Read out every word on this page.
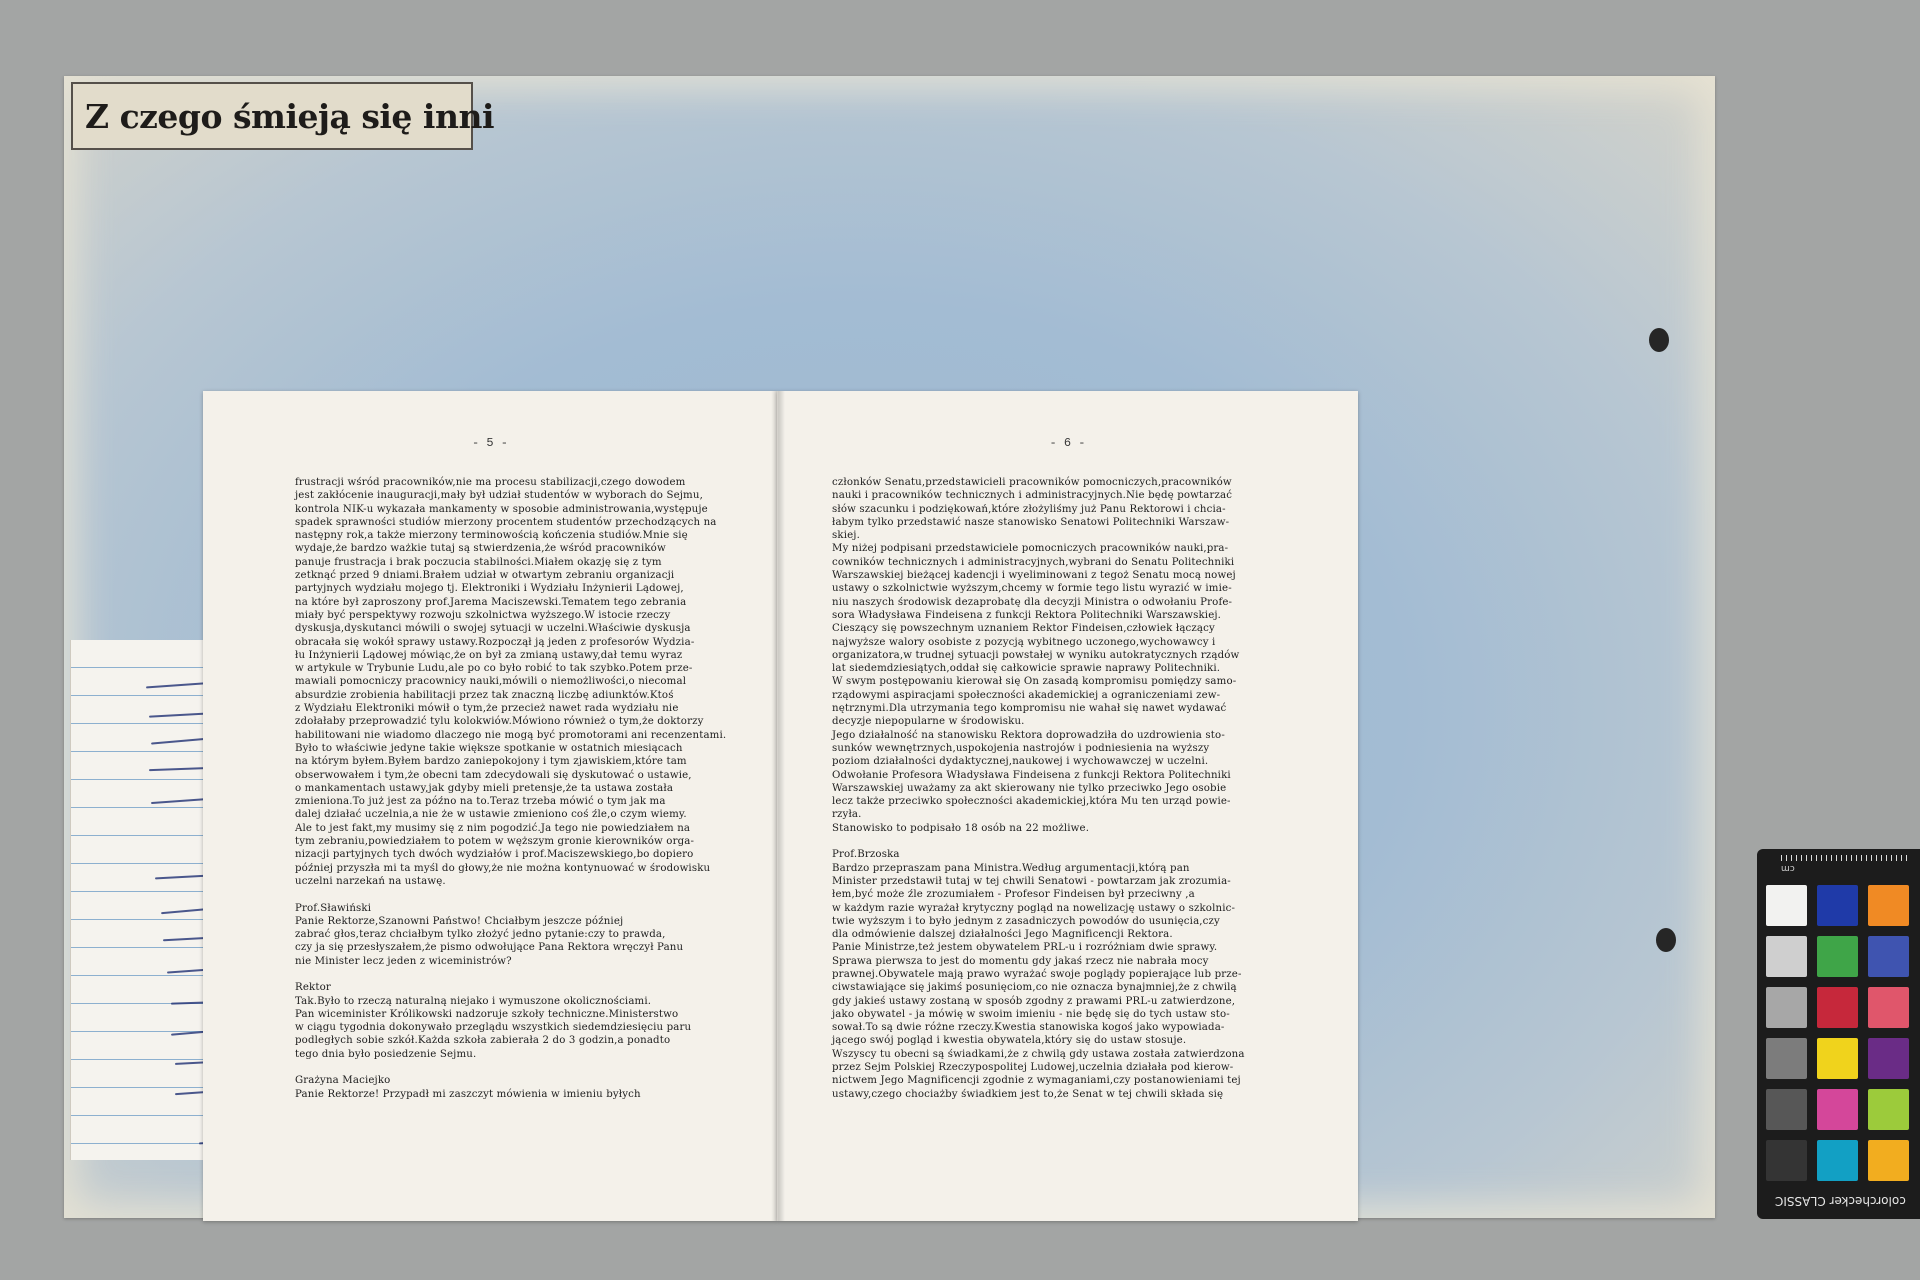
Z czego śmieją się inni
- 5 -
frustracji wśród pracowników,nie ma procesu stabilizacji,czego dowodem
jest zakłócenie inauguracji,mały był udział studentów w wyborach do Sejmu,
kontrola NIK-u wykazała mankamenty w sposobie administrowania,występuje
spadek sprawności studiów mierzony procentem studentów przechodzących na
następny rok,a także mierzony terminowością kończenia studiów.Mnie się
wydaje,że bardzo ważkie tutaj są stwierdzenia,że wśród pracowników
panuje frustracja i brak poczucia stabilności.Miałem okazję się z tym
zetknąć przed 9 dniami.Brałem udział w otwartym zebraniu organizacji
partyjnych wydziału mojego tj. Elektroniki i Wydziału Inżynierii Lądowej,
na które był zaproszony prof.Jarema Maciszewski.Tematem tego zebrania
miały być perspektywy rozwoju szkolnictwa wyższego.W istocie rzeczy
dyskusja,dyskutanci mówili o swojej sytuacji w uczelni.Właściwie dyskusja
obracała się wokół sprawy ustawy.Rozpoczął ją jeden z profesorów Wydzia-
łu Inżynierii Lądowej mówiąc,że on był za zmianą ustawy,dał temu wyraz
w artykule w Trybunie Ludu,ale po co było robić to tak szybko.Potem prze-
mawiali pomocniczy pracownicy nauki,mówili o niemożliwości,o niecomal
absurdzie zrobienia habilitacji przez tak znaczną liczbę adiunktów.Ktoś
z Wydziału Elektroniki mówił o tym,że przecież nawet rada wydziału nie
zdołałaby przeprowadzić tylu kolokwiów.Mówiono również o tym,że doktorzy
habilitowani nie wiadomo dlaczego nie mogą być promotorami ani recenzentami.
Było to właściwie jedyne takie większe spotkanie w ostatnich miesiącach
na którym byłem.Byłem bardzo zaniepokojony i tym zjawiskiem,które tam
obserwowałem i tym,że obecni tam zdecydowali się dyskutować o ustawie,
o mankamentach ustawy,jak gdyby mieli pretensje,że ta ustawa została
zmieniona.To już jest za późno na to.Teraz trzeba mówić o tym jak ma
dalej działać uczelnia,a nie że w ustawie zmieniono coś źle,o czym wiemy.
Ale to jest fakt,my musimy się z nim pogodzić.Ja tego nie powiedziałem na
tym zebraniu,powiedziałem to potem w węższym gronie kierowników orga-
nizacji partyjnych tych dwóch wydziałów i prof.Maciszewskiego,bo dopiero
później przyszła mi ta myśl do głowy,że nie można kontynuować w środowisku
uczelni narzekań na ustawę.
Prof.Sławiński
Panie Rektorze,Szanowni Państwo! Chciałbym jeszcze później
zabrać głos,teraz chciałbym tylko złożyć jedno pytanie:czy to prawda,
czy ja się przesłyszałem,że pismo odwołujące Pana Rektora wręczył Panu
nie Minister lecz jeden z wiceministrów?
Rektor
Tak.Było to rzeczą naturalną niejako i wymuszone okolicznościami.
Pan wiceminister Królikowski nadzoruje szkoły techniczne.Ministerstwo
w ciągu tygodnia dokonywało przeglądu wszystkich siedemdziesięciu paru
podległych sobie szkół.Każda szkoła zabierała 2 do 3 godzin,a ponadto
tego dnia było posiedzenie Sejmu.
Grażyna Maciejko
Panie Rektorze! Przypadł mi zaszczyt mówienia w imieniu byłych
- 6 -
członków Senatu,przedstawicieli pracowników pomocniczych,pracowników
nauki i pracowników technicznych i administracyjnych.Nie będę powtarzać
słów szacunku i podziękowań,które złożyliśmy już Panu Rektorowi i chcia-
łabym tylko przedstawić nasze stanowisko Senatowi Politechniki Warszaw-
skiej.
My niżej podpisani przedstawiciele pomocniczych pracowników nauki,pra-
cowników technicznych i administracyjnych,wybrani do Senatu Politechniki
Warszawskiej bieżącej kadencji i wyeliminowani z tegoż Senatu mocą nowej
ustawy o szkolnictwie wyższym,chcemy w formie tego listu wyrazić w imie-
niu naszych środowisk dezaprobatę dla decyzji Ministra o odwołaniu Profe-
sora Władysława Findeisena z funkcji Rektora Politechniki Warszawskiej.
Cieszący się powszechnym uznaniem Rektor Findeisen,człowiek łączący
najwyższe walory osobiste z pozycją wybitnego uczonego,wychowawcy i
organizatora,w trudnej sytuacji powstałej w wyniku autokratycznych rządów
lat siedemdziesiątych,oddał się całkowicie sprawie naprawy Politechniki.
W swym postępowaniu kierował się On zasadą kompromisu pomiędzy samo-
rządowymi aspiracjami społeczności akademickiej a ograniczeniami zew-
nętrznymi.Dla utrzymania tego kompromisu nie wahał się nawet wydawać
decyzje niepopularne w środowisku.
Jego działalność na stanowisku Rektora doprowadziła do uzdrowienia sto-
sunków wewnętrznych,uspokojenia nastrojów i podniesienia na wyższy
poziom działalności dydaktycznej,naukowej i wychowawczej w uczelni.
Odwołanie Profesora Władysława Findeisena z funkcji Rektora Politechniki
Warszawskiej uważamy za akt skierowany nie tylko przeciwko Jego osobie
lecz także przeciwko społeczności akademickiej,która Mu ten urząd powie-
rzyła.
Stanowisko to podpisało 18 osób na 22 możliwe.
Prof.Brzoska
Bardzo przepraszam pana Ministra.Według argumentacji,którą pan
Minister przedstawił tutaj w tej chwili Senatowi - powtarzam jak zrozumia-
łem,być może źle zrozumiałem - Profesor Findeisen był przeciwny ,a
w każdym razie wyrażał krytyczny pogląd na nowelizację ustawy o szkolnic-
twie wyższym i to było jednym z zasadniczych powodów do usunięcia,czy
dla odmówienie dalszej działalności Jego Magnificencji Rektora.
Panie Ministrze,też jestem obywatelem PRL-u i rozróżniam dwie sprawy.
Sprawa pierwsza to jest do momentu gdy jakaś rzecz nie nabrała mocy
prawnej.Obywatele mają prawo wyrażać swoje poglądy popierające lub prze-
ciwstawiające się jakimś posunięciom,co nie oznacza bynajmniej,że z chwilą
gdy jakieś ustawy zostaną w sposób zgodny z prawami PRL-u zatwierdzone,
jako obywatel - ja mówię w swoim imieniu - nie będę się do tych ustaw sto-
sował.To są dwie różne rzeczy.Kwestia stanowiska kogoś jako wypowiada-
jącego swój pogląd i kwestia obywatela,który się do ustaw stosuje.
Wszyscy tu obecni są świadkami,że z chwilą gdy ustawa została zatwierdzona
przez Sejm Polskiej Rzeczypospolitej Ludowej,uczelnia działała pod kierow-
nictwem Jego Magnificencji zgodnie z wymaganiami,czy postanowieniami tej
ustawy,czego chociażby świadkiem jest to,że Senat w tej chwili składa się
cm
colorchecker CLASSIC
